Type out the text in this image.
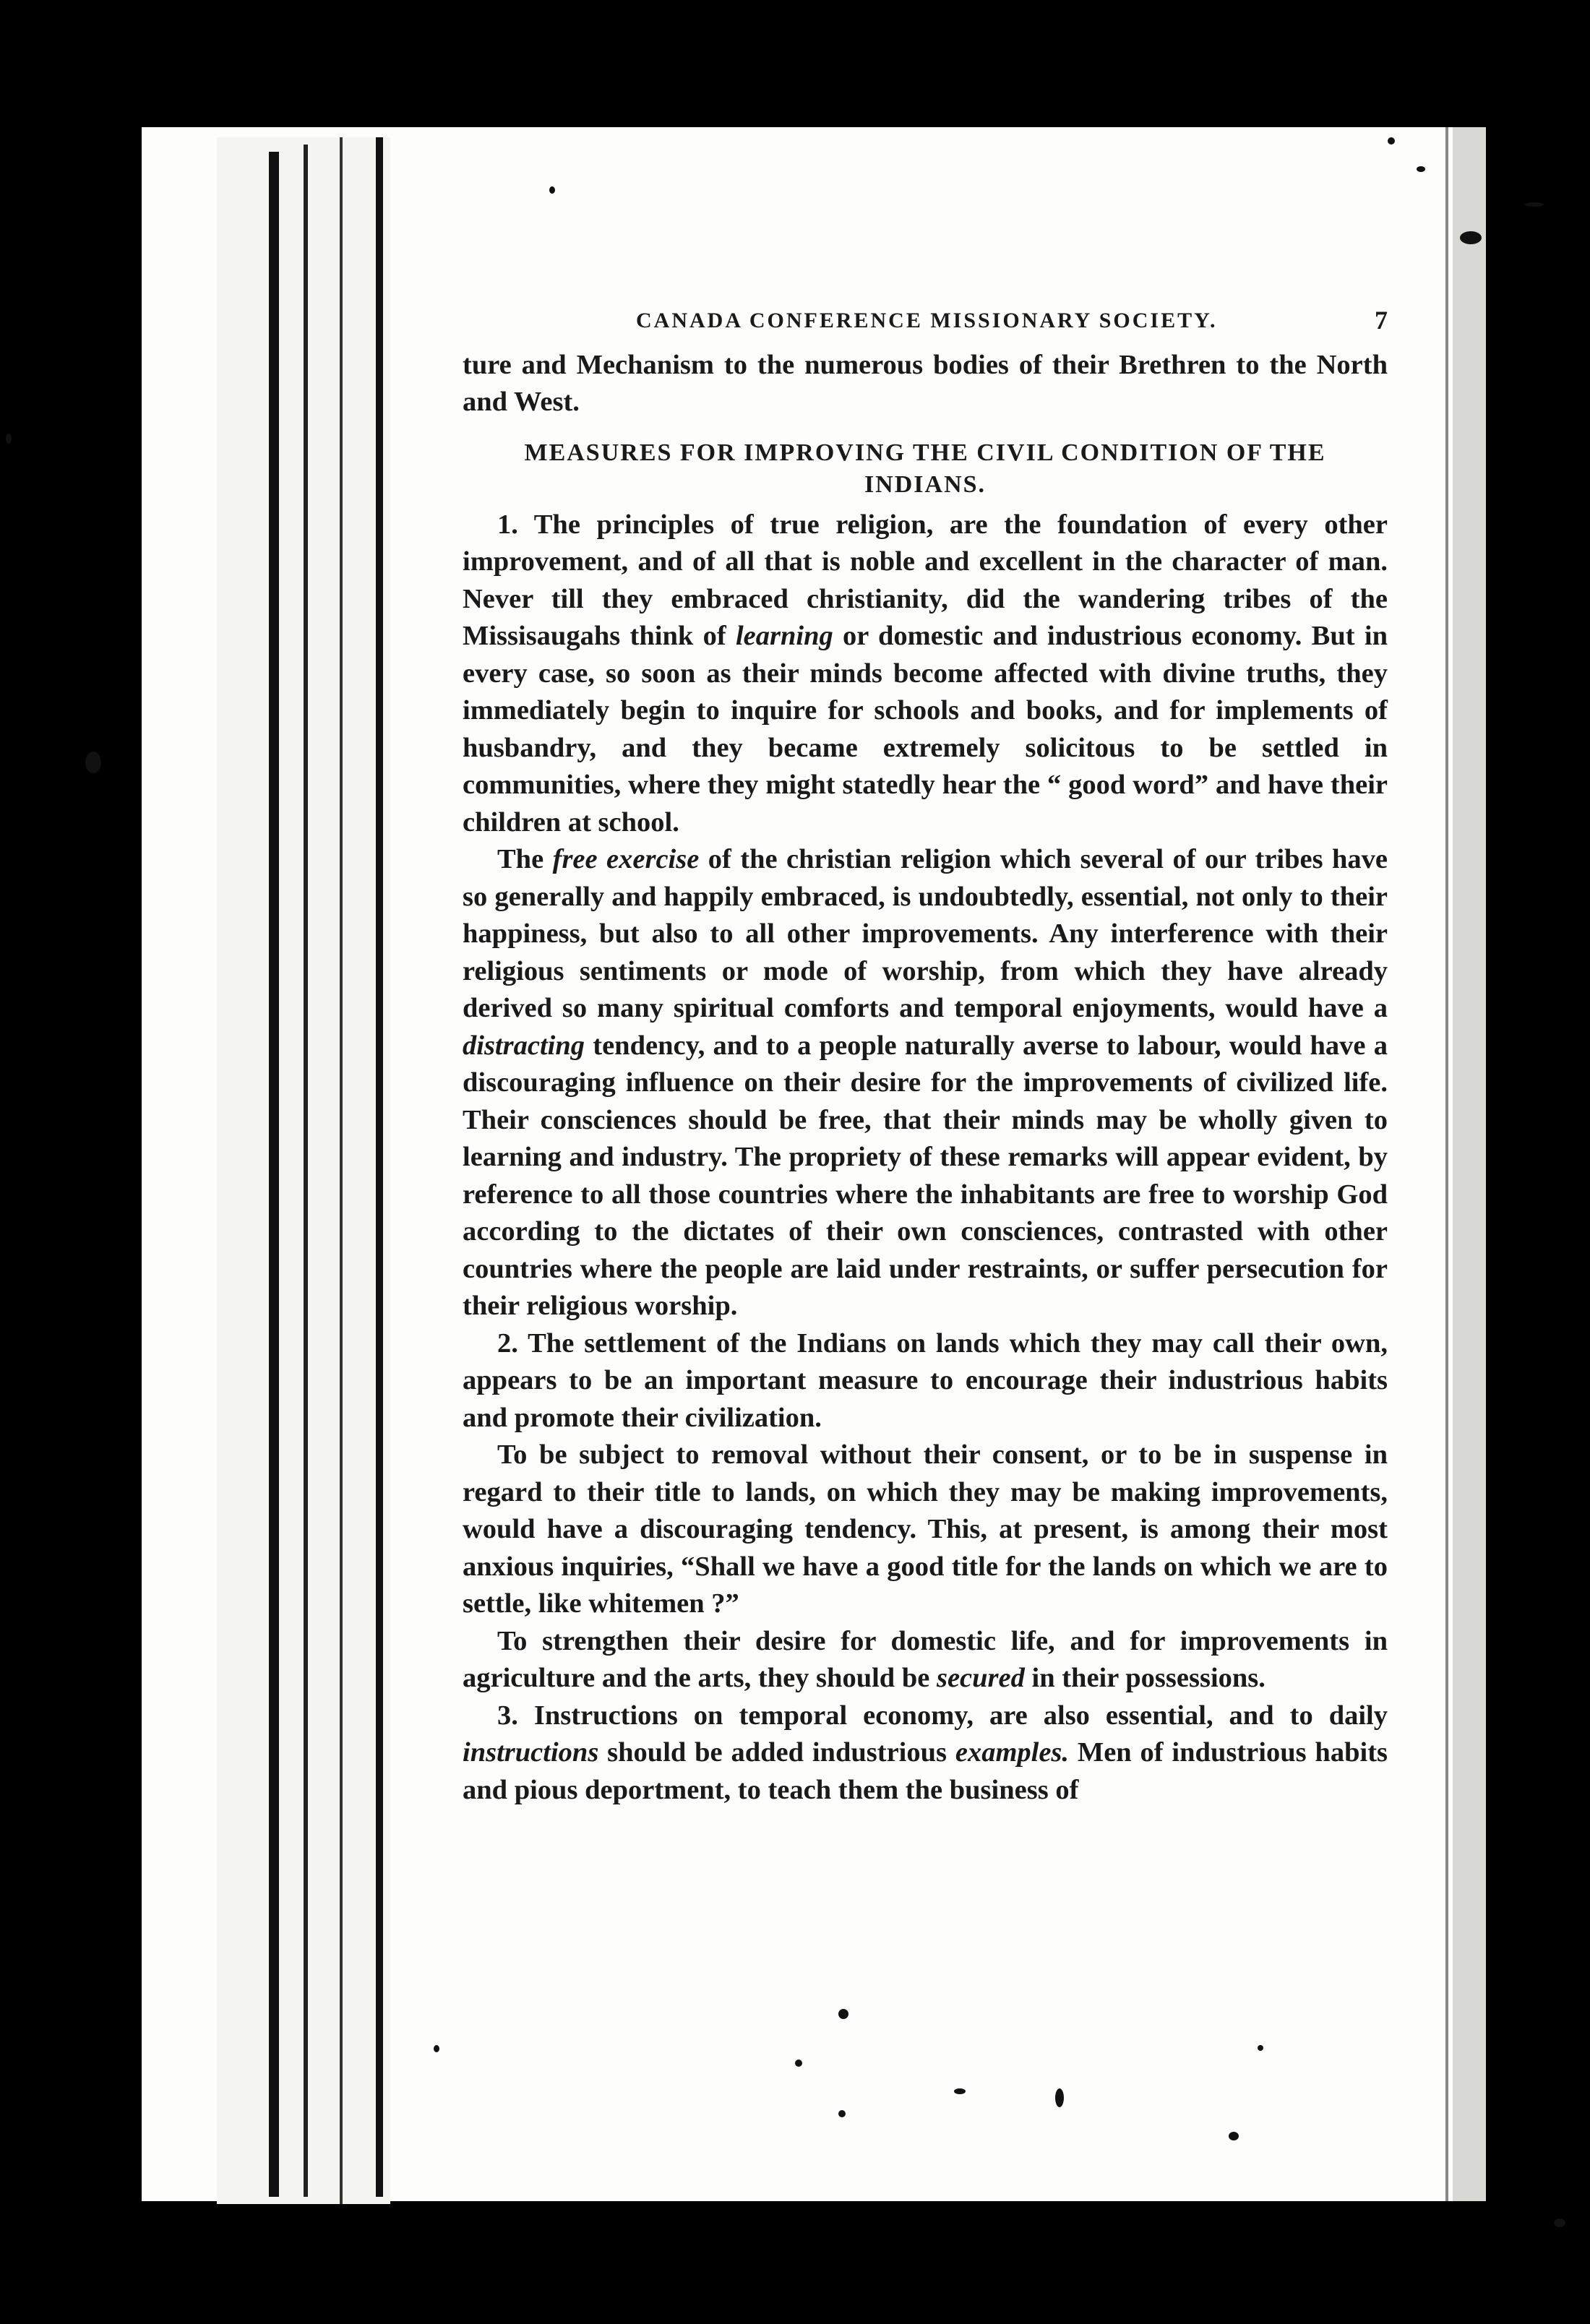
CANADA CONFERENCE MISSIONARY SOCIETY.	7

ture and Mechanism to the numerous bodies of their Brethren to the North and West.

MEASURES FOR IMPROVING THE CIVIL CONDITION OF THE INDIANS.

1. The principles of true religion, are the foundation of every other improvement, and of all that is noble and excellent in the character of man. Never till they embraced christianity, did the wandering tribes of the Missisaugahs think of learning or domestic and industrious economy. But in every case, so soon as their minds become affected with divine truths, they immediately begin to inquire for schools and books, and for implements of husbandry, and they became extremely solicitous to be settled in communities, where they might statedly hear the “ good word” and have their children at school.

The free exercise of the christian religion which several of our tribes have so generally and happily embraced, is undoubtedly, essential, not only to their happiness, but also to all other improvements. Any interference with their religious sentiments or mode of worship, from which they have already derived so many spiritual comforts and temporal enjoyments, would have a distracting tendency, and to a people naturally averse to labour, would have a discouraging influence on their desire for the improvements of civilized life. Their consciences should be free, that their minds may be wholly given to learning and industry. The propriety of these remarks will appear evident, by reference to all those countries where the inhabitants are free to worship God according to the dictates of their own consciences, contrasted with other countries where the people are laid under restraints, or suffer persecution for their religious worship.

2. The settlement of the Indians on lands which they may call their own, appears to be an important measure to encourage their industrious habits and promote their civilization.

To be subject to removal without their consent, or to be in suspense in regard to their title to lands, on which they may be making improvements, would have a discouraging tendency. This, at present, is among their most anxious inquiries, “Shall we have a good title for the lands on which we are to settle, like whitemen ?”

To strengthen their desire for domestic life, and for improvements in agriculture and the arts, they should be secured in their possessions.

3. Instructions on temporal economy, are also essential, and to daily instructions should be added industrious examples. Men of industrious habits and pious deportment, to teach them the business of
